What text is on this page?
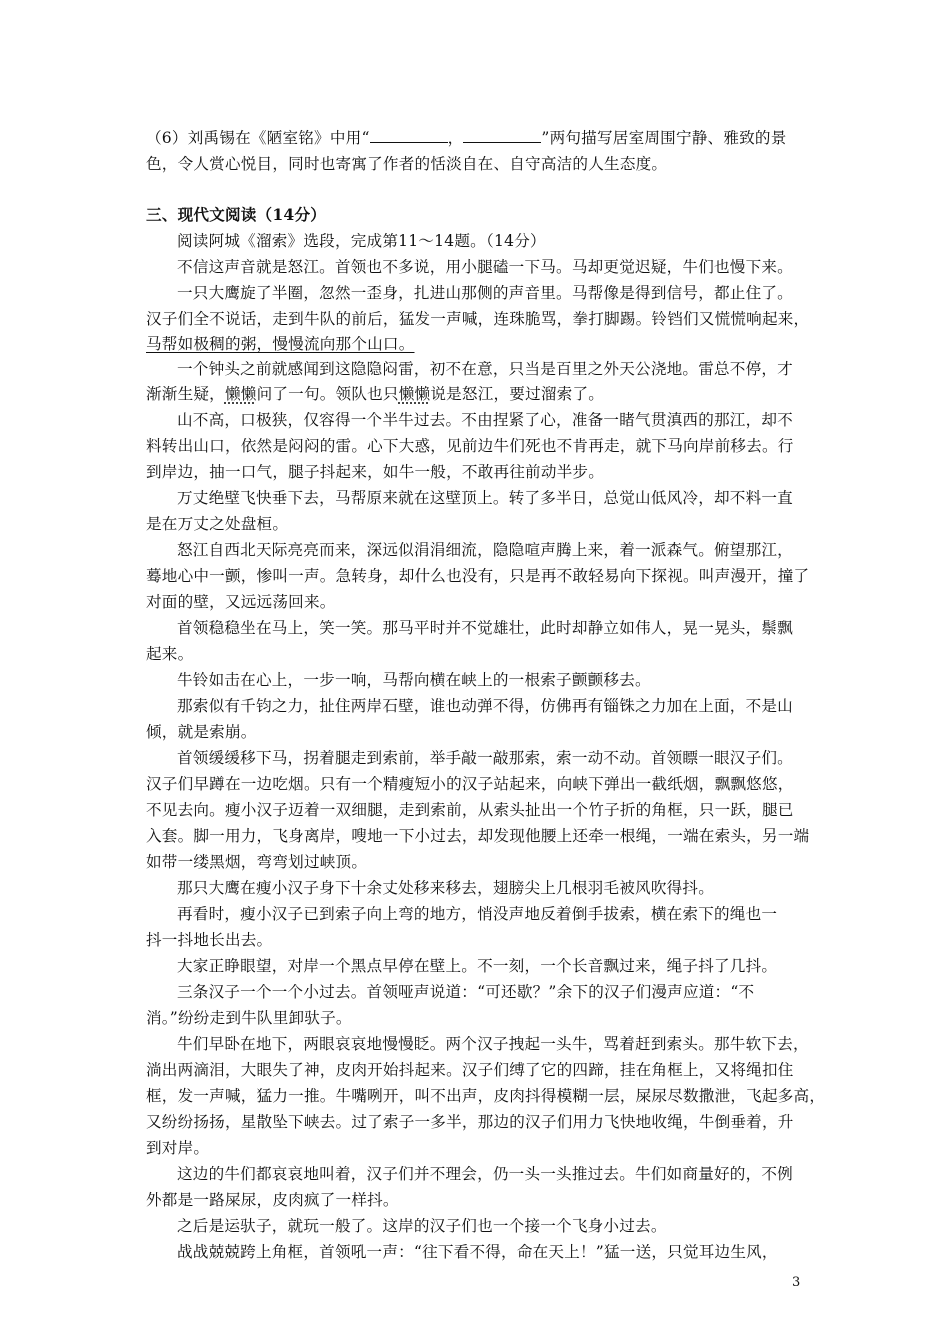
（6）刘禹锡在《陋室铭》中用“	，	”两句描写居室周围宁静、雅致的景
色，令人赏心悦目，同时也寄寓了作者的恬淡自在、自守高洁的人生态度。
三、现代文阅读（14分）
阅读阿城《溜索》选段，完成第11～14题。（14分）
不信这声音就是怒江。首领也不多说，用小腿磕一下马。马却更觉迟疑，牛们也慢下来。
一只大鹰旋了半圈，忽然一歪身，扎进山那侧的声音里。马帮像是得到信号，都止住了。
汉子们全不说话，走到牛队的前后，猛发一声喊，连珠脆骂，拳打脚踢。铃铛们又慌慌响起来，
马帮如极稠的粥，慢慢流向那个山口。
一个钟头之前就感闻到这隐隐闷雷，初不在意，只当是百里之外天公浇地。雷总不停，才
渐渐生疑，懒懒问了一句。领队也只懒懒说是怒江，要过溜索了。
山不高，口极狭，仅容得一个半牛过去。不由捏紧了心，准备一睹气贯滇西的那江，却不
料转出山口，依然是闷闷的雷。心下大惑，见前边牛们死也不肯再走，就下马向岸前移去。行
到岸边，抽一口气，腿子抖起来，如牛一般，不敢再往前动半步。
万丈绝壁飞快垂下去，马帮原来就在这壁顶上。转了多半日，总觉山低风冷，却不料一直
是在万丈之处盘桓。
怒江自西北天际亮亮而来，深远似涓涓细流，隐隐喧声腾上来，着一派森气。俯望那江，
蓦地心中一颤，惨叫一声。急转身，却什么也没有，只是再不敢轻易向下探视。叫声漫开，撞了
对面的壁，又远远荡回来。
首领稳稳坐在马上，笑一笑。那马平时并不觉雄壮，此时却静立如伟人，晃一晃头，鬃飘
起来。
牛铃如击在心上，一步一响，马帮向横在峡上的一根索子颤颤移去。
那索似有千钧之力，扯住两岸石壁，谁也动弹不得，仿佛再有锱铢之力加在上面，不是山
倾，就是索崩。
首领缓缓移下马，拐着腿走到索前，举手敲一敲那索，索一动不动。首领瞟一眼汉子们。
汉子们早蹲在一边吃烟。只有一个精瘦短小的汉子站起来，向峡下弹出一截纸烟，飘飘悠悠，
不见去向。瘦小汉子迈着一双细腿，走到索前，从索头扯出一个竹子折的角框，只一跃，腿已
入套。脚一用力，飞身离岸，嗖地一下小过去，却发现他腰上还牵一根绳，一端在索头，另一端
如带一缕黑烟，弯弯划过峡顶。
那只大鹰在瘦小汉子身下十余丈处移来移去，翅膀尖上几根羽毛被风吹得抖。
再看时，瘦小汉子已到索子向上弯的地方，悄没声地反着倒手拔索，横在索下的绳也一
抖一抖地长出去。
大家正睁眼望，对岸一个黑点早停在壁上。不一刻，一个长音飘过来，绳子抖了几抖。
三条汉子一个一个小过去。首领哑声说道：“可还歇？”余下的汉子们漫声应道：“不
消。”纷纷走到牛队里卸驮子。
牛们早卧在地下，两眼哀哀地慢慢眨。两个汉子拽起一头牛，骂着赶到索头。那牛软下去，
淌出两滴泪，大眼失了神，皮肉开始抖起来。汉子们缚了它的四蹄，挂在角框上，又将绳扣住
框，发一声喊，猛力一推。牛嘴咧开，叫不出声，皮肉抖得模糊一层，屎尿尽数撒泄，飞起多高，
又纷纷扬扬，星散坠下峡去。过了索子一多半，那边的汉子们用力飞快地收绳，牛倒垂着，升
到对岸。
这边的牛们都哀哀地叫着，汉子们并不理会，仍一头一头推过去。牛们如商量好的，不例
外都是一路屎尿，皮肉疯了一样抖。
之后是运驮子，就玩一般了。这岸的汉子们也一个接一个飞身小过去。
战战兢兢跨上角框，首领吼一声：“往下看不得，命在天上！”猛一送，只觉耳边生风，
3
